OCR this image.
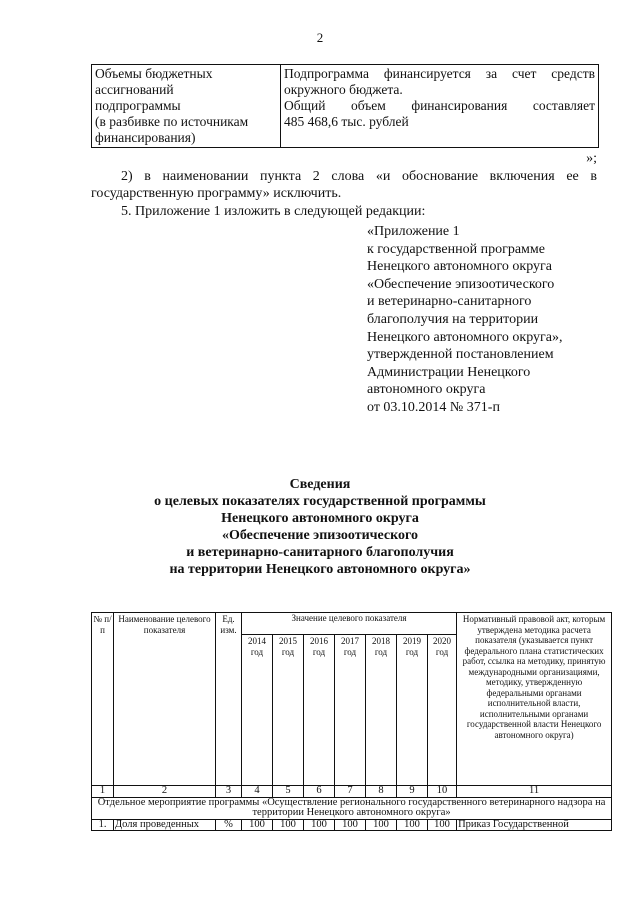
2
Объемы бюджетных
ассигнований
подпрограммы
(в разбивке по источникам
финансирования)

Подпрограмма финансируется за счет средств
окружного бюджета.
Общий объем финансирования составляет
485 468,6 тыс. рублей
»;
2) в наименовании пункта 2 слова «и обоснование включения ее в государственную программу» исключить.
5. Приложение 1 изложить в следующей редакции:
«Приложение 1
к государственной программе
Ненецкого автономного округа
«Обеспечение эпизоотического
и ветеринарно-санитарного
благополучия на территории
Ненецкого автономного округа»,
утвержденной постановлением
Администрации Ненецкого
автономного округа
от 03.10.2014 № 371-п
Сведения
о целевых показателях государственной программы
Ненецкого автономного округа
«Обеспечение эпизоотического
и ветеринарно-санитарного благополучия
на территории Ненецкого автономного округа»
№ п/п	Наименование целевого показателя	Ед. изм.	Значение целевого показателя							Нормативный правовой акт, которым утверждена методика расчета показателя (указывается пункт федерального плана статистических работ, ссылка на методику, принятую международными организациями, методику, утвержденную федеральными органами исполнительной власти, исполнительными органами государственной власти Ненецкого автономного округа)
			2014 год	2015 год	2016 год	2017 год	2018 год	2019 год	2020 год	
1	2	3	4	5	6	7	8	9	10	11
Отдельное мероприятие программы «Осуществление регионального государственного ветеринарного надзора на территории Ненецкого автономного округа»										
1.	Доля проведенных	%	100	100	100	100	100	100	100	Приказ Государственной
